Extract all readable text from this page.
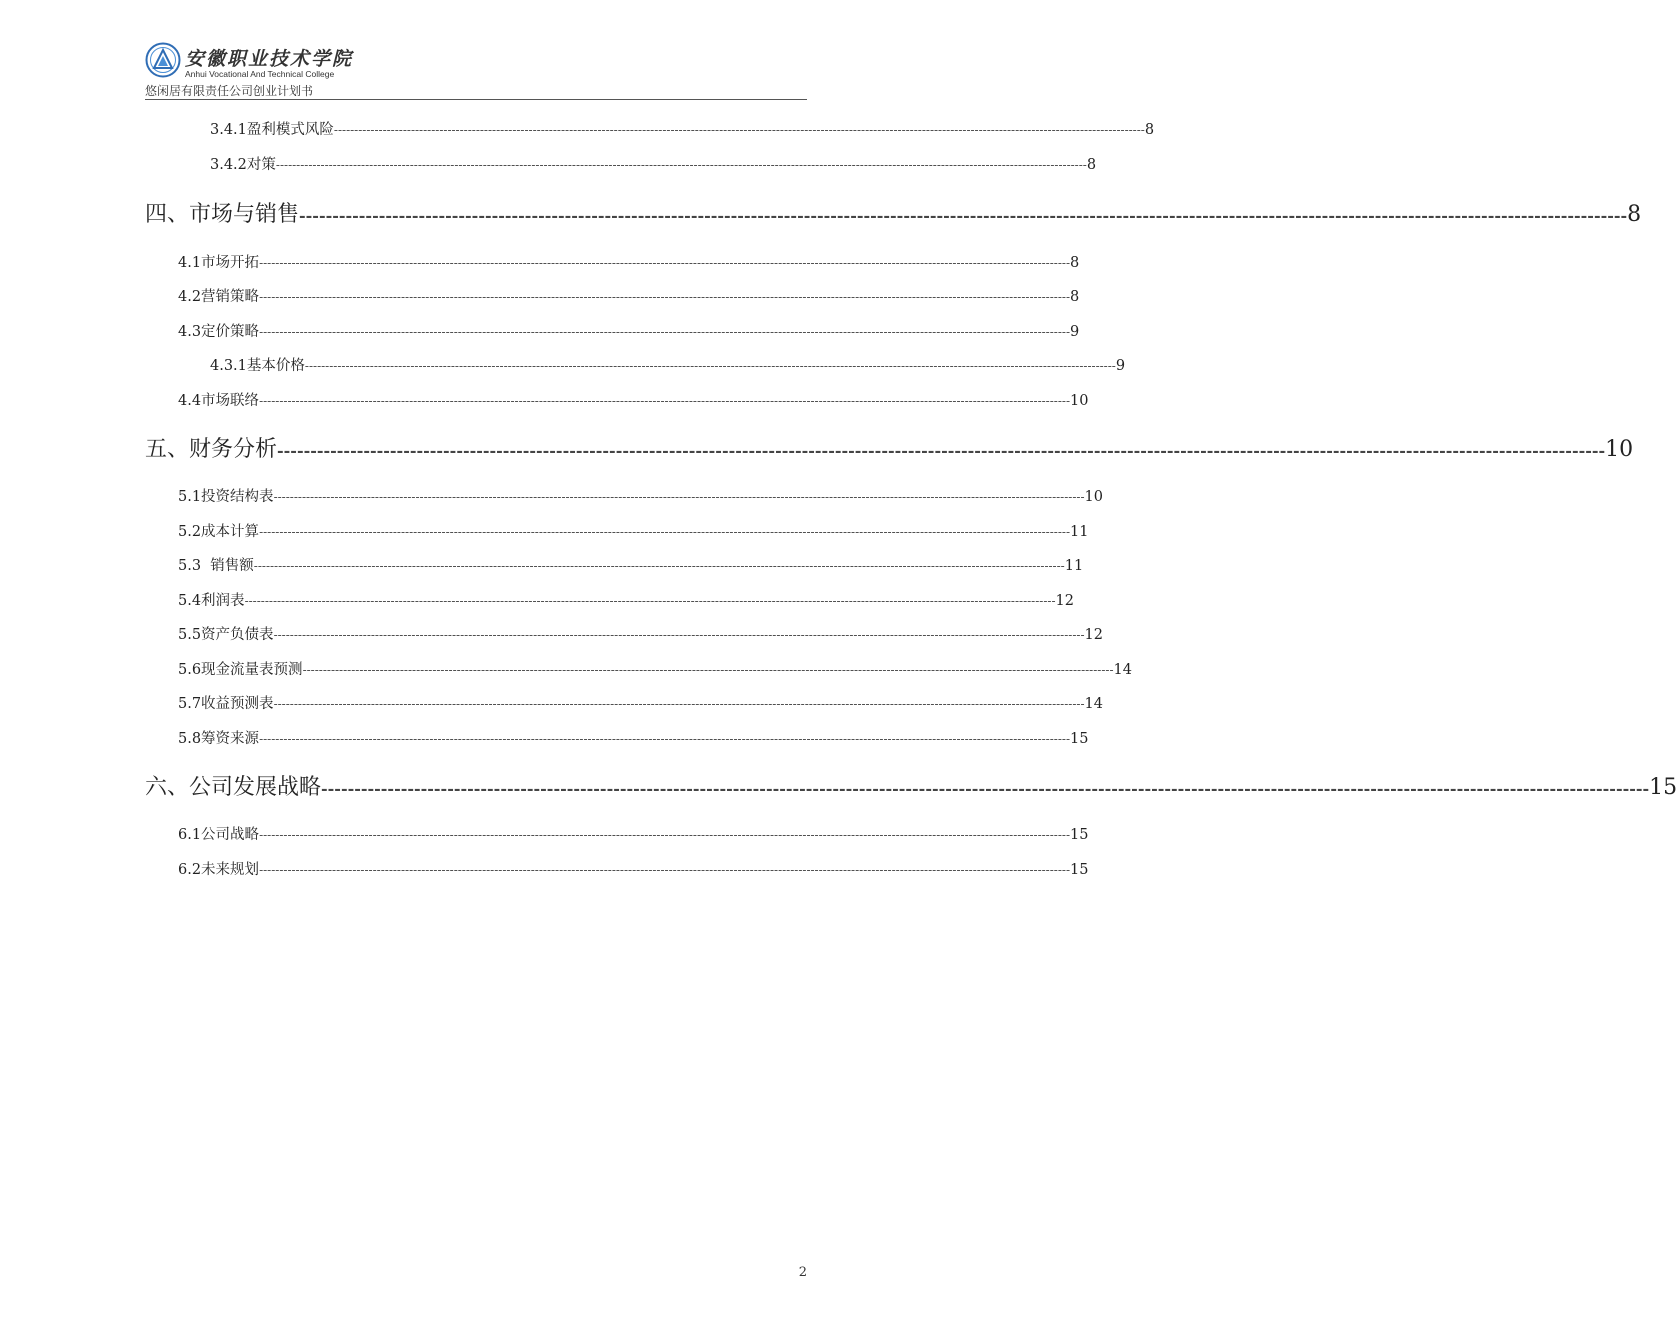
安徽职业技术学院
Anhui Vocational And Technical College
悠闲居有限责任公司创业计划书
3.4.1盈利模式风险 -------------------------------------------------------------------------------------------------------------------------------------------------------------------------------------------------------- 8
3.4.2对策 -------------------------------------------------------------------------------------------------------------------------------------------------------------------------------------------------------- 8
四、市场与销售 -------------------------------------------------------------------------------------------------------------------------------------------------------------------------------------------------------- 8
4.1市场开拓 -------------------------------------------------------------------------------------------------------------------------------------------------------------------------------------------------------- 8
4.2营销策略 -------------------------------------------------------------------------------------------------------------------------------------------------------------------------------------------------------- 8
4.3定价策略 -------------------------------------------------------------------------------------------------------------------------------------------------------------------------------------------------------- 9
4.3.1基本价格 -------------------------------------------------------------------------------------------------------------------------------------------------------------------------------------------------------- 9
4.4市场联络 -------------------------------------------------------------------------------------------------------------------------------------------------------------------------------------------------------- 10
五、财务分析 -------------------------------------------------------------------------------------------------------------------------------------------------------------------------------------------------------- 10
5.1投资结构表 -------------------------------------------------------------------------------------------------------------------------------------------------------------------------------------------------------- 10
5.2成本计算 -------------------------------------------------------------------------------------------------------------------------------------------------------------------------------------------------------- 11
5.3  销售额 -------------------------------------------------------------------------------------------------------------------------------------------------------------------------------------------------------- 11
5.4利润表 -------------------------------------------------------------------------------------------------------------------------------------------------------------------------------------------------------- 12
5.5资产负债表 -------------------------------------------------------------------------------------------------------------------------------------------------------------------------------------------------------- 12
5.6现金流量表预测 -------------------------------------------------------------------------------------------------------------------------------------------------------------------------------------------------------- 14
5.7收益预测表 -------------------------------------------------------------------------------------------------------------------------------------------------------------------------------------------------------- 14
5.8筹资来源 -------------------------------------------------------------------------------------------------------------------------------------------------------------------------------------------------------- 15
六、公司发展战略 -------------------------------------------------------------------------------------------------------------------------------------------------------------------------------------------------------- 15
6.1公司战略 -------------------------------------------------------------------------------------------------------------------------------------------------------------------------------------------------------- 15
6.2未来规划 -------------------------------------------------------------------------------------------------------------------------------------------------------------------------------------------------------- 15
2
